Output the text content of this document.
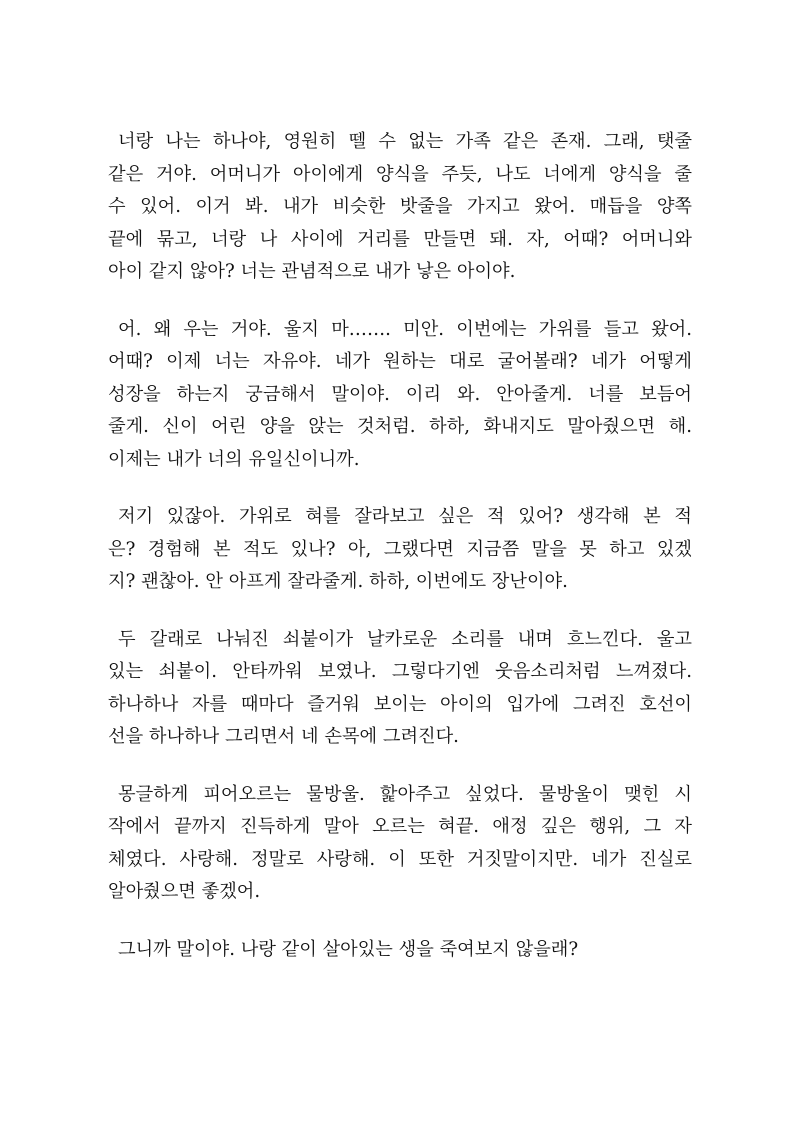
너랑 나는 하나야, 영원히 뗄 수 없는 가족 같은 존재. 그래, 탯줄
같은 거야. 어머니가 아이에게 양식을 주듯, 나도 너에게 양식을 줄
수 있어. 이거 봐. 내가 비슷한 밧줄을 가지고 왔어. 매듭을 양쪽
끝에 묶고, 너랑 나 사이에 거리를 만들면 돼. 자, 어때? 어머니와
아이 같지 않아? 너는 관념적으로 내가 낳은 아이야.
어. 왜 우는 거야. 울지 마……. 미안. 이번에는 가위를 들고 왔어.
어때? 이제 너는 자유야. 네가 원하는 대로 굴어볼래? 네가 어떻게
성장을 하는지 궁금해서 말이야. 이리 와. 안아줄게. 너를 보듬어
줄게. 신이 어린 양을 앉는 것처럼. 하하, 화내지도 말아줬으면 해.
이제는 내가 너의 유일신이니까.
저기 있잖아. 가위로 혀를 잘라보고 싶은 적 있어? 생각해 본 적
은? 경험해 본 적도 있나? 아, 그랬다면 지금쯤 말을 못 하고 있겠
지? 괜찮아. 안 아프게 잘라줄게. 하하, 이번에도 장난이야.
두 갈래로 나눠진 쇠붙이가 날카로운 소리를 내며 흐느낀다. 울고
있는 쇠붙이. 안타까워 보였나. 그렇다기엔 웃음소리처럼 느껴졌다.
하나하나 자를 때마다 즐거워 보이는 아이의 입가에 그려진 호선이
선을 하나하나 그리면서 네 손목에 그려진다.
몽글하게 피어오르는 물방울. 핥아주고 싶었다. 물방울이 맺힌 시
작에서 끝까지 진득하게 말아 오르는 혀끝. 애정 깊은 행위, 그 자
체였다. 사랑해. 정말로 사랑해. 이 또한 거짓말이지만. 네가 진실로
알아줬으면 좋겠어.
그니까 말이야. 나랑 같이 살아있는 생을 죽여보지 않을래?
